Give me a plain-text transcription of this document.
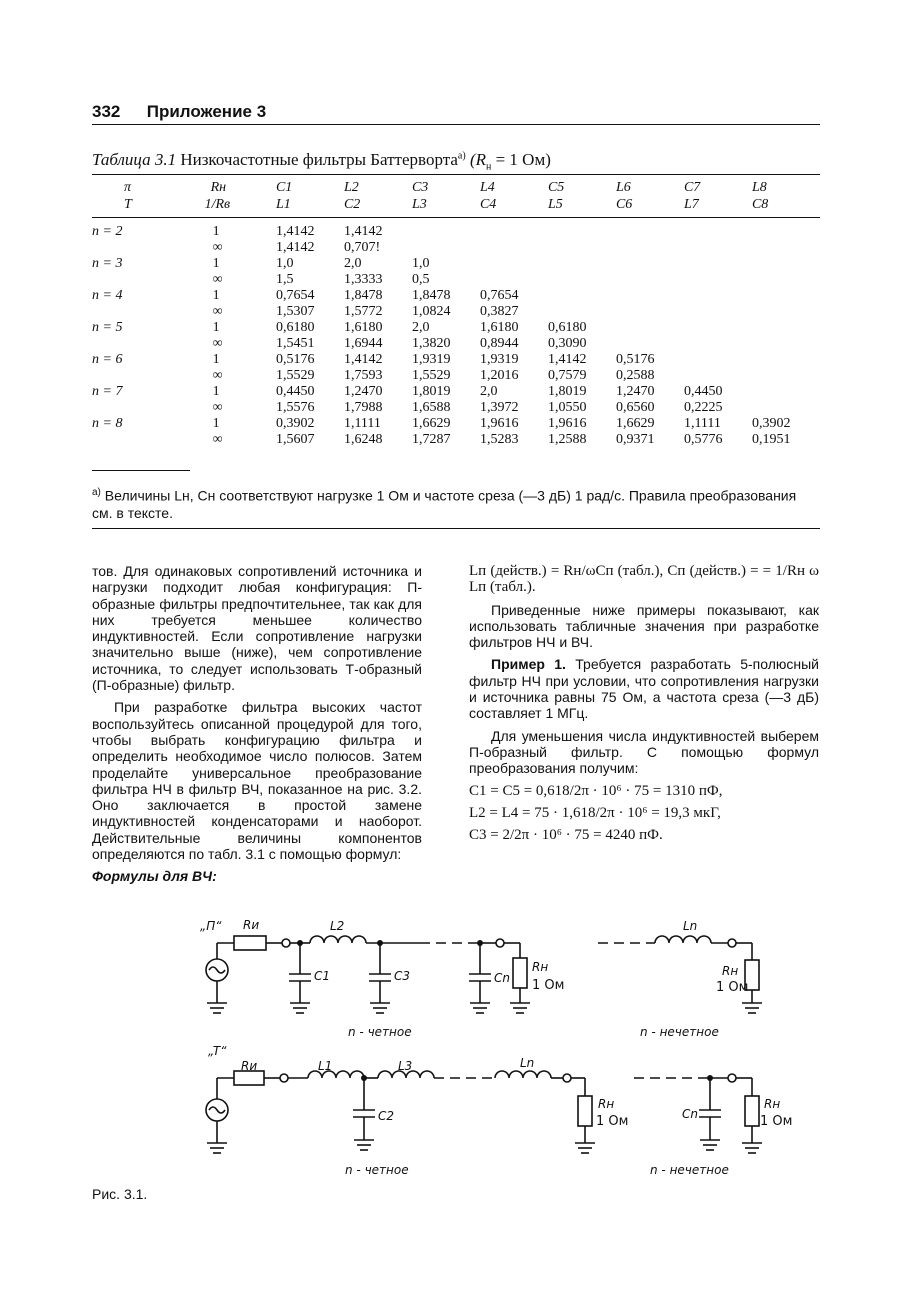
332 Приложение 3
Таблица 3.1 Низкочастотные фильтры Баттерворта$^{а)}$ ($R_н = 1$ Ом)
π	Rн	C1	L2	C3	L4	C5	L6	C7	L8
T	1/Rв	L1	C2	L3	C4	L5	C6	L7	C8
n = 2	1	1,4142	1,4142						
	∞	1,4142	0,707!						
n = 3	1	1,0	2,0	1,0					
	∞	1,5	1,3333	0,5					
n = 4	1	0,7654	1,8478	1,8478	0,7654				
	∞	1,5307	1,5772	1,0824	0,3827				
n = 5	1	0,6180	1,6180	2,0	1,6180	0,6180			
	∞	1,5451	1,6944	1,3820	0,8944	0,3090			
n = 6	1	0,5176	1,4142	1,9319	1,9319	1,4142	0,5176		
	∞	1,5529	1,7593	1,5529	1,2016	0,7579	0,2588		
n = 7	1	0,4450	1,2470	1,8019	2,0	1,8019	1,2470	0,4450	
	∞	1,5576	1,7988	1,6588	1,3972	1,0550	0,6560	0,2225	
n = 8	1	0,3902	1,1111	1,6629	1,9616	1,9616	1,6629	1,1111	0,3902
	∞	1,5607	1,6248	1,7287	1,5283	1,2588	0,9371	0,5776	0,1951
$^{а)}$ Величины Lн, Cн соответствуют нагрузке 1 Ом и частоте среза (—3 дБ) 1 рад/с. Правила преобразования см. в тексте.

тов. Для одинаковых сопротивлений источника и нагрузки подходит любая конфигурация: П-образные фильтры предпочтительнее, так как для них требуется меньшее количество индуктивностей. Если сопротивление нагрузки значительно выше (ниже), чем сопротивление источника, то следует использовать Т-образный (П-образные) фильтр.

При разработке фильтра высоких частот воспользуйтесь описанной процедурой для того, чтобы выбрать конфигурацию фильтра и определить необходимое число полюсов. Затем проделайте универсальное преобразование фильтра НЧ в фильтр ВЧ, показанное на рис. 3.2. Оно заключается в простой замене индуктивностей конденсаторами и наоборот. Действительные величины компонентов определяются по табл. 3.1 с помощью формул:

Формулы для ВЧ:

Lп (действ.) = Rн/ωCп (табл.), Cп (действ.) = = 1/Rн ω Lп (табл.).

Приведенные ниже примеры показывают, как использовать табличные значения при разработке фильтров НЧ и ВЧ.

Пример 1. Требуется разработать 5-полюсный фильтр НЧ при условии, что сопротивления нагрузки и источника равны 75 Ом, а частота среза (—3 дБ) составляет 1 МГц.

Для уменьшения числа индуктивностей выберем П-образный фильтр. С помощью формул преобразования получим:

C1 = C5 = 0,618/2π · 10⁶ · 75 = 1310 пФ,

L2 = L4 = 75 · 1,618/2π · 10⁶ = 19,3 мкГ,

C3 = 2/2π · 10⁶ · 75 = 4240 пФ.

„П“ Rи	L2
C1	C3	Cn
Rн
1 Ом
n - четное
Ln
Rн
1 Ом
n - нечетное
„T“
Rи	L1	L3	Ln
C2
Rн
1 Ом
n - четное
Cn
Rн
1 Ом
n - нечетное
Рис. 3.1.
